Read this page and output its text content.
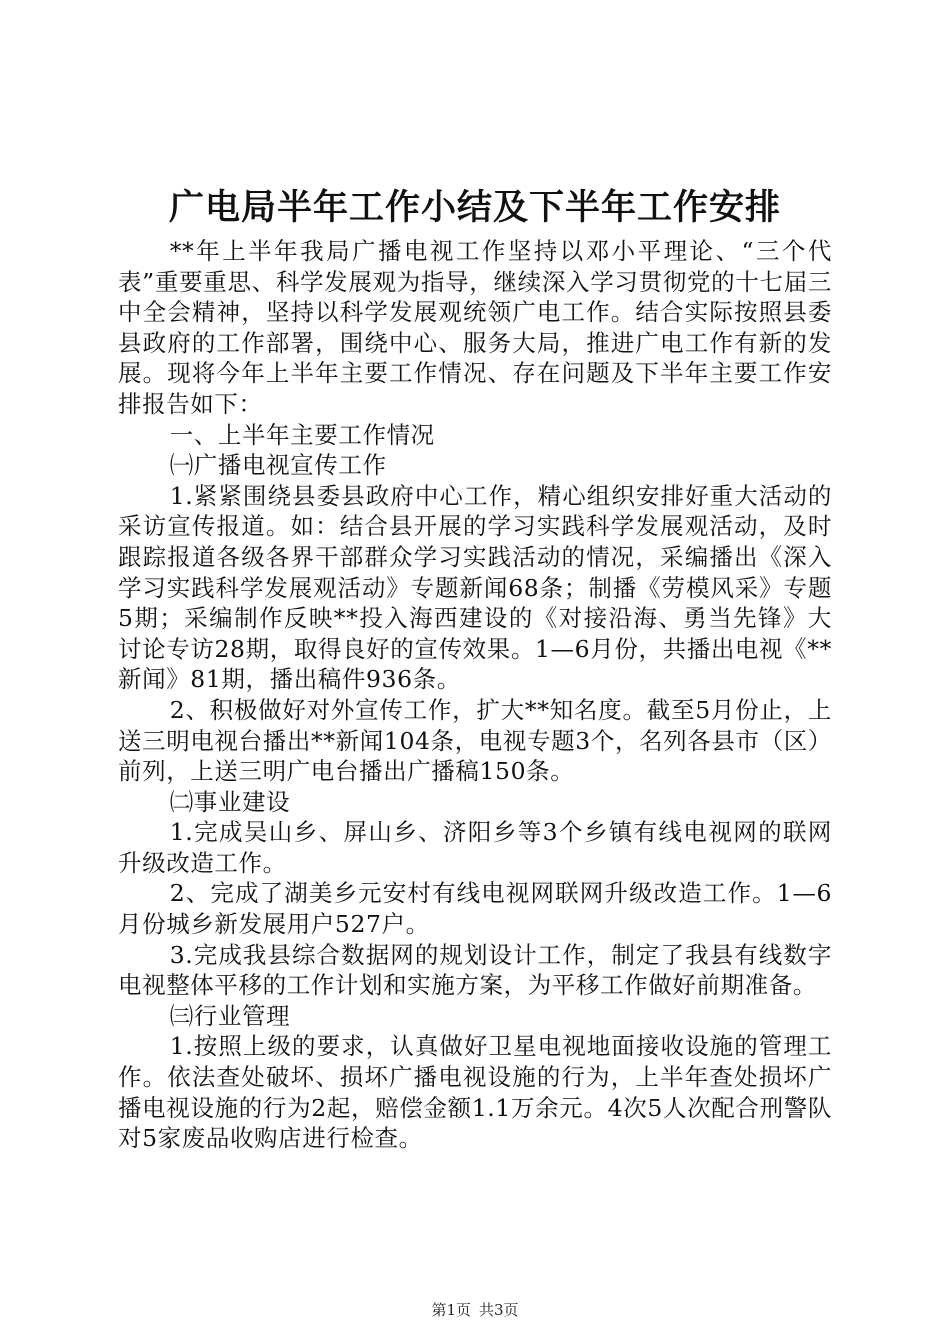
广电局半年工作小结及下半年工作安排

**年上半年我局广播电视工作坚持以邓小平理论、“三个代表”重要重思、科学发展观为指导，继续深入学习贯彻党的十七届三中全会精神，坚持以科学发展观统领广电工作。结合实际按照县委县政府的工作部署，围绕中心、服务大局，推进广电工作有新的发展。现将今年上半年主要工作情况、存在问题及下半年主要工作安排报告如下：

一、上半年主要工作情况

㈠广播电视宣传工作

1.紧紧围绕县委县政府中心工作，精心组织安排好重大活动的采访宣传报道。如：结合县开展的学习实践科学发展观活动，及时跟踪报道各级各界干部群众学习实践活动的情况，采编播出《深入学习实践科学发展观活动》专题新闻68条；制播《劳模风采》专题5期；采编制作反映**投入海西建设的《对接沿海、勇当先锋》大讨论专访28期，取得良好的宣传效果。1—6月份，共播出电视《**新闻》81期，播出稿件936条。

2、积极做好对外宣传工作，扩大**知名度。截至5月份止，上送三明电视台播出**新闻104条，电视专题3个，名列各县市（区）前列，上送三明广电台播出广播稿150条。

㈡事业建设

1.完成吴山乡、屏山乡、济阳乡等3个乡镇有线电视网的联网升级改造工作。

2、完成了湖美乡元安村有线电视网联网升级改造工作。1—6月份城乡新发展用户527户。

3.完成我县综合数据网的规划设计工作，制定了我县有线数字电视整体平移的工作计划和实施方案，为平移工作做好前期准备。

㈢行业管理

1.按照上级的要求，认真做好卫星电视地面接收设施的管理工作。依法查处破坏、损坏广播电视设施的行为，上半年查处损坏广播电视设施的行为2起，赔偿金额1.1万余元。4次5人次配合刑警队对5家废品收购店进行检查。

第1页 共3页
